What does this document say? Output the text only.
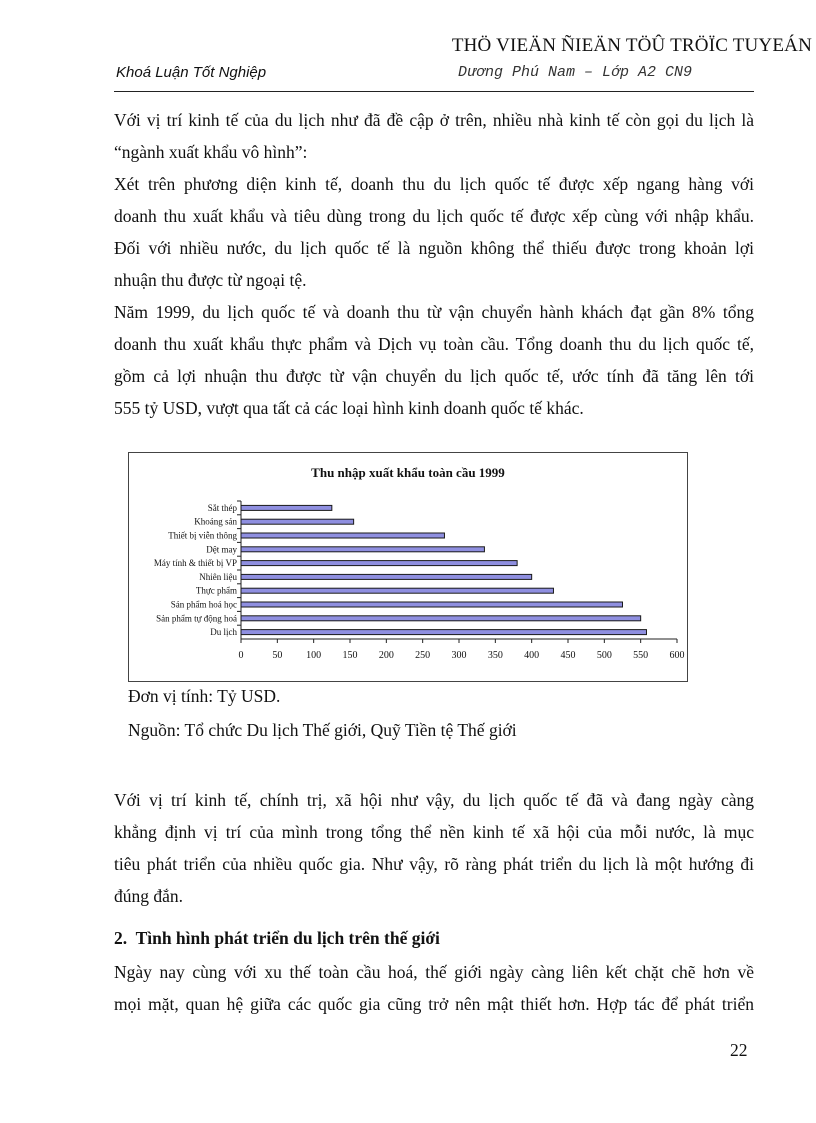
THÖ VIEÄN ÑIEÄN TÖÛ TRÖÏC TUYEÁN
Khoá Luận Tốt Nghiệp	Dương Phú Nam – Lớp A2 CN9
Với vị trí kinh tế của du lịch như đã đề cập ở trên, nhiều nhà kinh tế còn gọi du lịch là
“ngành xuất khẩu vô hình”:
Xét trên phương diện kinh tế, doanh thu du lịch quốc tế được xếp ngang hàng với
doanh thu xuất khẩu và tiêu dùng trong du lịch quốc tế được xếp cùng với nhập khẩu.
Đối với nhiều nước, du lịch quốc tế là nguồn không thể thiếu được trong khoản lợi
nhuận thu được từ ngoại tệ.
Năm 1999, du lịch quốc tế và doanh thu từ vận chuyển hành khách đạt gần 8% tổng
doanh thu xuất khẩu thực phẩm và Dịch vụ toàn cầu. Tổng doanh thu du lịch quốc tế,
gồm cả lợi nhuận thu được từ vận chuyển du lịch quốc tế, ước tính đã tăng lên tới
555 tỷ USD, vượt qua tất cả các loại hình kinh doanh quốc tế khác.
Thu nhập xuất khẩu toàn cầu 1999
0	50 100 150 200 250 300 350 400 450 500 550 600
Sắt thép
Khoáng sản
Thiết bị viễn thông
Dệt may
Máy tính & thiết bị VP
Nhiên liệu
Thực phẩm
Sản phẩm hoá học
Sản phẩm tự động hoá
Du lịch
Đơn vị tính: Tỷ USD.
Nguồn: Tổ chức Du lịch Thế giới, Quỹ Tiền tệ Thế giới
Với vị trí kinh tế, chính trị, xã hội như vậy, du lịch quốc tế đã và đang ngày càng
khẳng định vị trí của mình trong tổng thể nền kinh tế xã hội của mỗi nước, là mục
tiêu phát triển của nhiều quốc gia. Như vậy, rõ ràng phát triển du lịch là một hướng đi
đúng đắn.
2. Tình hình phát triển du lịch trên thế giới
Ngày nay cùng với xu thế toàn cầu hoá, thế giới ngày càng liên kết chặt chẽ hơn về
mọi mặt, quan hệ giữa các quốc gia cũng trở nên mật thiết hơn. Hợp tác để phát triển
22
